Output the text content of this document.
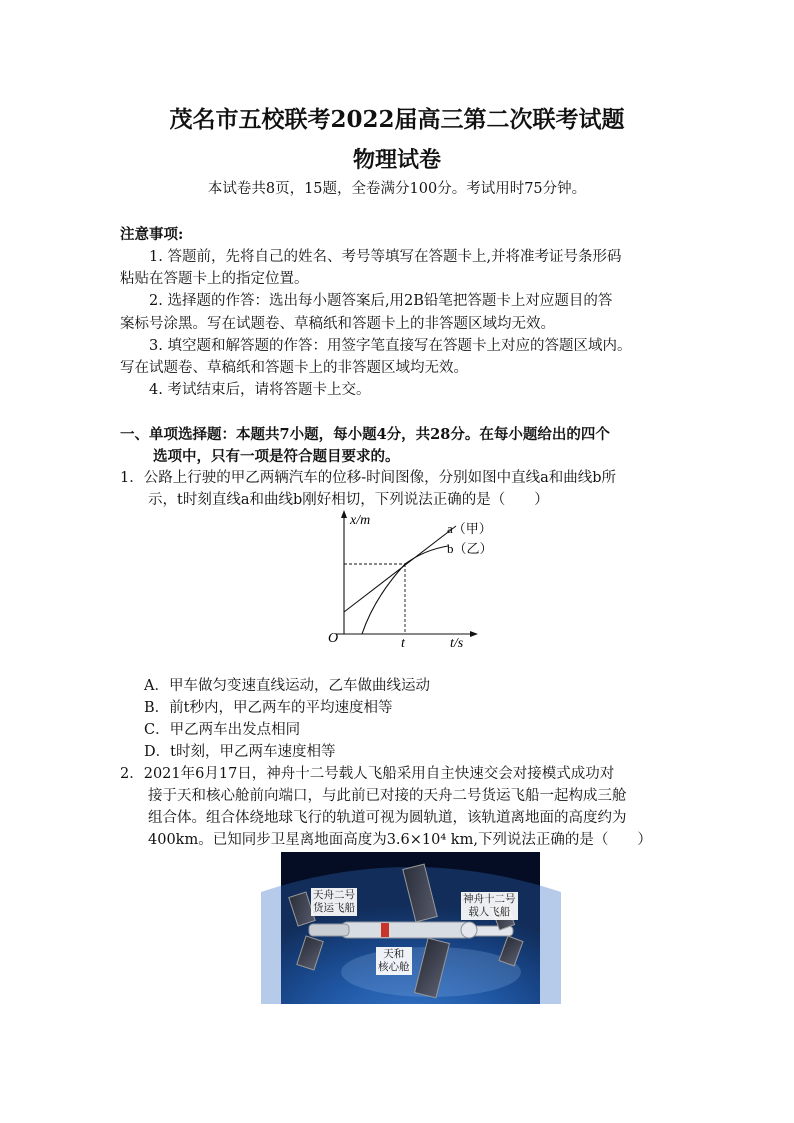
茂名市五校联考2022届高三第二次联考试题
物理试卷
本试卷共8页，15题，全卷满分100分。考试用时75分钟。
注意事项:
1. 答题前，先将自己的姓名、考号等填写在答题卡上,并将准考证号条形码
粘贴在答题卡上的指定位置。
2. 选择题的作答：选出每小题答案后,用2B铅笔把答题卡上对应题目的答
案标号涂黑。写在试题卷、草稿纸和答题卡上的非答题区域均无效。
3. 填空题和解答题的作答：用签字笔直接写在答题卡上对应的答题区域内。
写在试题卷、草稿纸和答题卡上的非答题区域均无效。
4. 考试结束后，请将答题卡上交。
一、单项选择题：本题共7小题，每小题4分，共28分。在每小题给出的四个
选项中，只有一项是符合题目要求的。
1．公路上行驶的甲乙两辆汽车的位移-时间图像，分别如图中直线a和曲线b所
示，t时刻直线a和曲线b刚好相切，下列说法正确的是（　　）
x/m
t/s
O	t
a（甲）
b（乙）
A．甲车做匀变速直线运动，乙车做曲线运动
B．前t秒内，甲乙两车的平均速度相等
C．甲乙两车出发点相同
D．t时刻，甲乙两车速度相等
2．2021年6月17日，神舟十二号载人飞船采用自主快速交会对接模式成功对
接于天和核心舱前向端口，与此前已对接的天舟二号货运飞船一起构成三舱
组合体。组合体绕地球飞行的轨道可视为圆轨道，该轨道离地面的高度约为
400km。已知同步卫星离地面高度为3.6×10⁴ km,下列说法正确的是（　　）
天舟二号
货运飞船
神舟十二号
载人飞船
天和
核心舱
